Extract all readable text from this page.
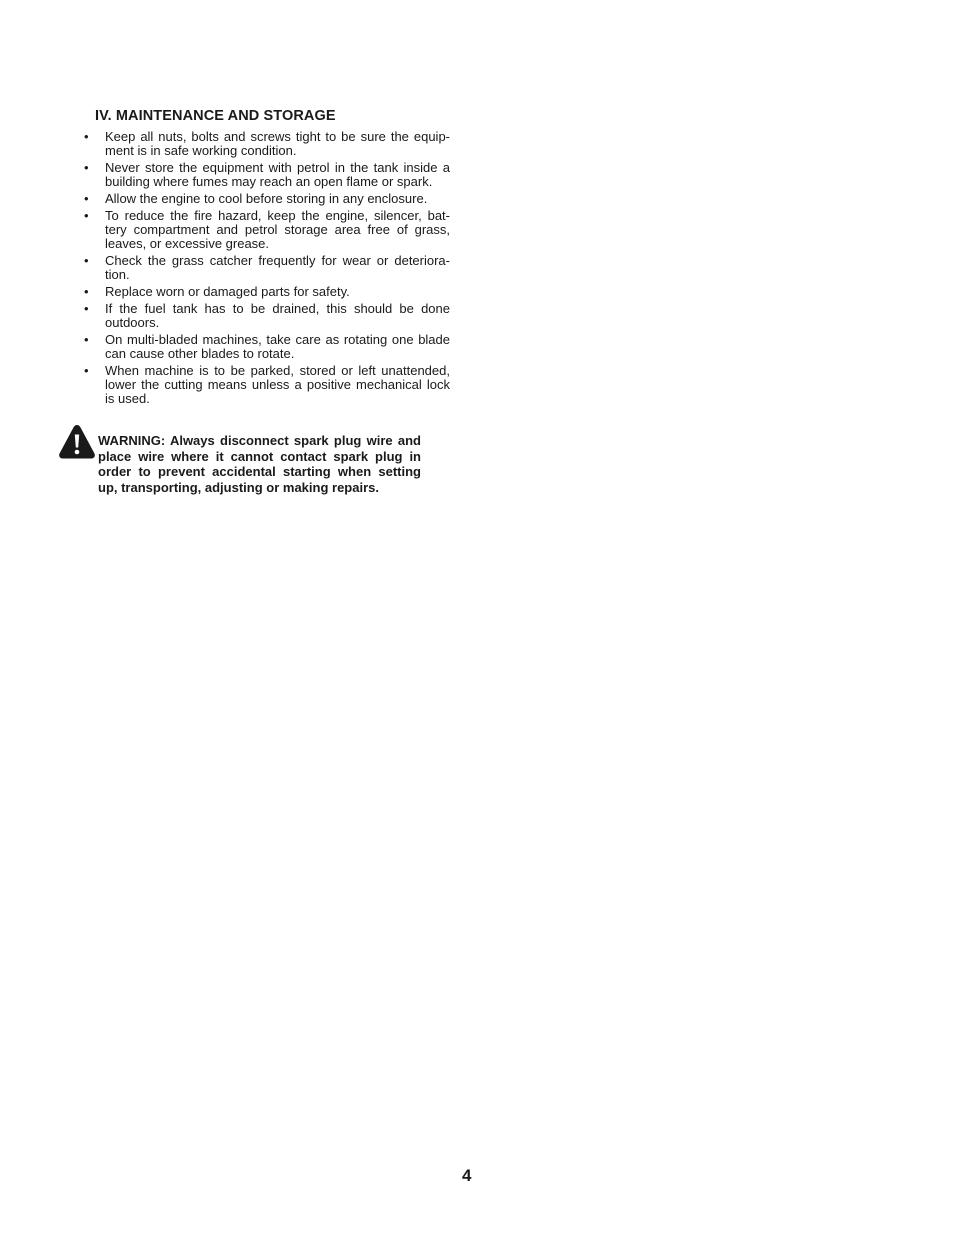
IV. MAINTENANCE AND STORAGE
•	Keep all nuts, bolts and screws tight to be sure the equip-ment is in safe working condition.
•	Never store the equipment with petrol in the tank inside a building where fumes may reach an open flame or spark.
•	Allow the engine to cool before storing in any enclosure.
•	To reduce the fire hazard, keep the engine, silencer, bat-tery compartment and petrol storage area free of grass, leaves, or excessive grease.
•	Check the grass catcher frequently for wear or deteriora-tion.
•	Replace worn or damaged parts for safety.
•	If the fuel tank has to be drained, this should be done outdoors.
•	On multi-bladed machines, take care as rotating one blade can cause other blades to rotate.
•	When machine is to be parked, stored or left unattended, lower the cutting means unless a positive mechanical lock is used.
WARNING: Always disconnect spark plug wire and place wire where it cannot contact spark plug in order to prevent accidental starting when setting up, transporting, adjusting or making repairs.
4
